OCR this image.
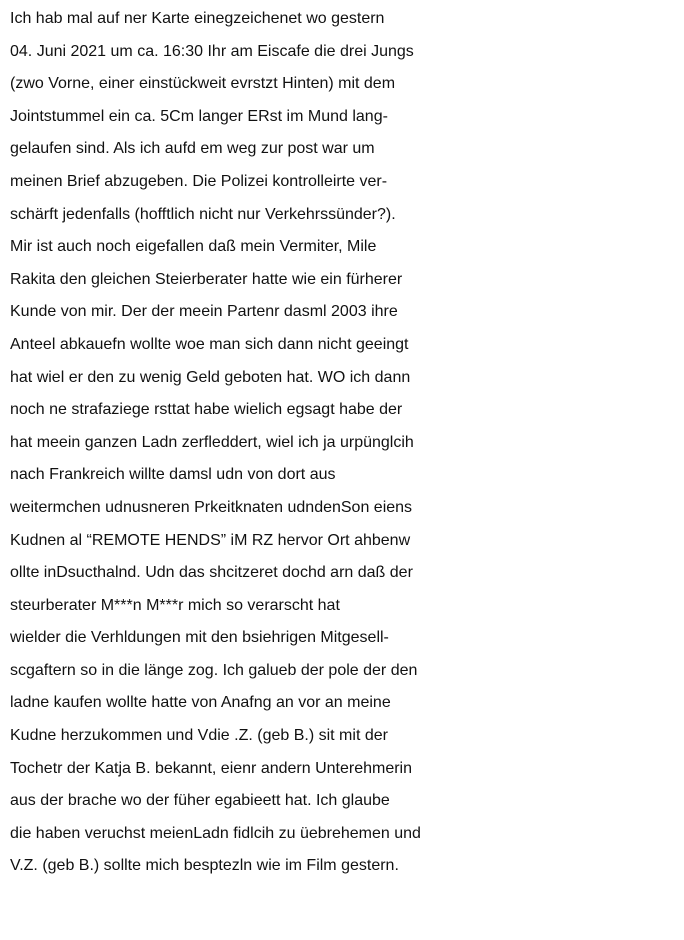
Ich hab mal auf ner Karte einegzeichenet wo gestern
04. Juni 2021 um ca. 16:30 Ihr am Eiscafe die drei Jungs
(zwo Vorne, einer einstückweit evrstzt Hinten) mit dem
Jointstummel ein ca. 5Cm langer ERst im Mund lang-
gelaufen sind. Als ich aufd em weg zur post war um
meinen Brief abzugeben. Die Polizei kontrolleirte ver-
schärft jedenfalls (hofftlich nicht nur Verkehrssünder?).
Mir ist auch noch eigefallen daß mein Vermiter, Mile
Rakita den gleichen Steierberater hatte wie ein fürherer
Kunde von mir. Der der meein Partenr dasml 2003 ihre
Anteel abkauefn wollte woe man sich dann nicht geeingt
hat wiel er den zu wenig Geld geboten hat. WO ich dann
noch ne strafaziege rsttat habe wielich egsagt habe der
hat meein ganzen Ladn zerfleddert, wiel ich ja urpünglcih
nach Frankreich willte damsl udn von dort aus
weitermchen udnusneren Prkeitknaten udndenSon eiens
Kudnen al “REMOTE HENDS” iM RZ hervor Ort ahbenw
ollte inDsucthalnd. Udn das shcitzeret dochd arn daß der
steurberater M***n M***r mich so verarscht hat
wielder die Verhldungen mit den bsiehrigen Mitgesell-
scgaftern so in die länge zog. Ich galueb der pole der den
ladne kaufen wollte hatte von Anafng an vor an meine
Kudne herzukommen und Vdie .Z. (geb B.) sit mit der
Tochetr der Katja B. bekannt, eienr andern Unterehmerin
aus der brache wo der füher egabieett hat. Ich glaube
die haben veruchst meienLadn fidlcih zu üebrehemen und
V.Z. (geb B.) sollte mich besptezln wie im Film gestern.
